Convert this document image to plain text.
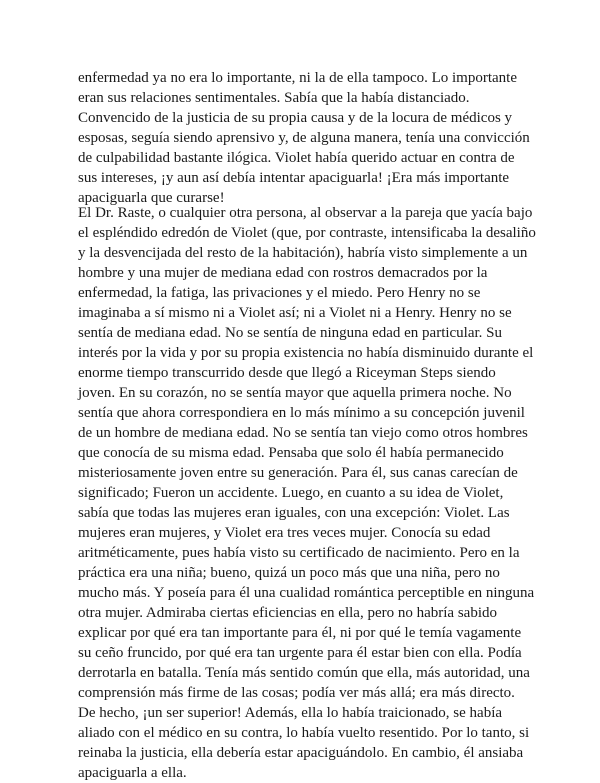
enfermedad ya no era lo importante, ni la de ella tampoco. Lo importante
eran sus relaciones sentimentales. Sabía que la había distanciado.
Convencido de la justicia de su propia causa y de la locura de médicos y
esposas, seguía siendo aprensivo y, de alguna manera, tenía una convicción
de culpabilidad bastante ilógica. Violet había querido actuar en contra de
sus intereses, ¡y aun así debía intentar apaciguarla! ¡Era más importante
apaciguarla que curarse!

El Dr. Raste, o cualquier otra persona, al observar a la pareja que yacía bajo
el espléndido edredón de Violet (que, por contraste, intensificaba la desaliño
y la desvencijada del resto de la habitación), habría visto simplemente a un
hombre y una mujer de mediana edad con rostros demacrados por la
enfermedad, la fatiga, las privaciones y el miedo. Pero Henry no se
imaginaba a sí mismo ni a Violet así; ni a Violet ni a Henry. Henry no se
sentía de mediana edad. No se sentía de ninguna edad en particular. Su
interés por la vida y por su propia existencia no había disminuido durante el
enorme tiempo transcurrido desde que llegó a Riceyman Steps siendo
joven. En su corazón, no se sentía mayor que aquella primera noche. No
sentía que ahora correspondiera en lo más mínimo a su concepción juvenil
de un hombre de mediana edad. No se sentía tan viejo como otros hombres
que conocía de su misma edad. Pensaba que solo él había permanecido
misteriosamente joven entre su generación. Para él, sus canas carecían de
significado; Fueron un accidente. Luego, en cuanto a su idea de Violet,
sabía que todas las mujeres eran iguales, con una excepción: Violet. Las
mujeres eran mujeres, y Violet era tres veces mujer. Conocía su edad
aritméticamente, pues había visto su certificado de nacimiento. Pero en la
práctica era una niña; bueno, quizá un poco más que una niña, pero no
mucho más. Y poseía para él una cualidad romántica perceptible en ninguna
otra mujer. Admiraba ciertas eficiencias en ella, pero no habría sabido
explicar por qué era tan importante para él, ni por qué le temía vagamente
su ceño fruncido, por qué era tan urgente para él estar bien con ella. Podía
derrotarla en batalla. Tenía más sentido común que ella, más autoridad, una
comprensión más firme de las cosas; podía ver más allá; era más directo.
De hecho, ¡un ser superior! Además, ella lo había traicionado, se había
aliado con el médico en su contra, lo había vuelto resentido. Por lo tanto, si
reinaba la justicia, ella debería estar apaciguándolo. En cambio, él ansiaba
apaciguarla a ella.
